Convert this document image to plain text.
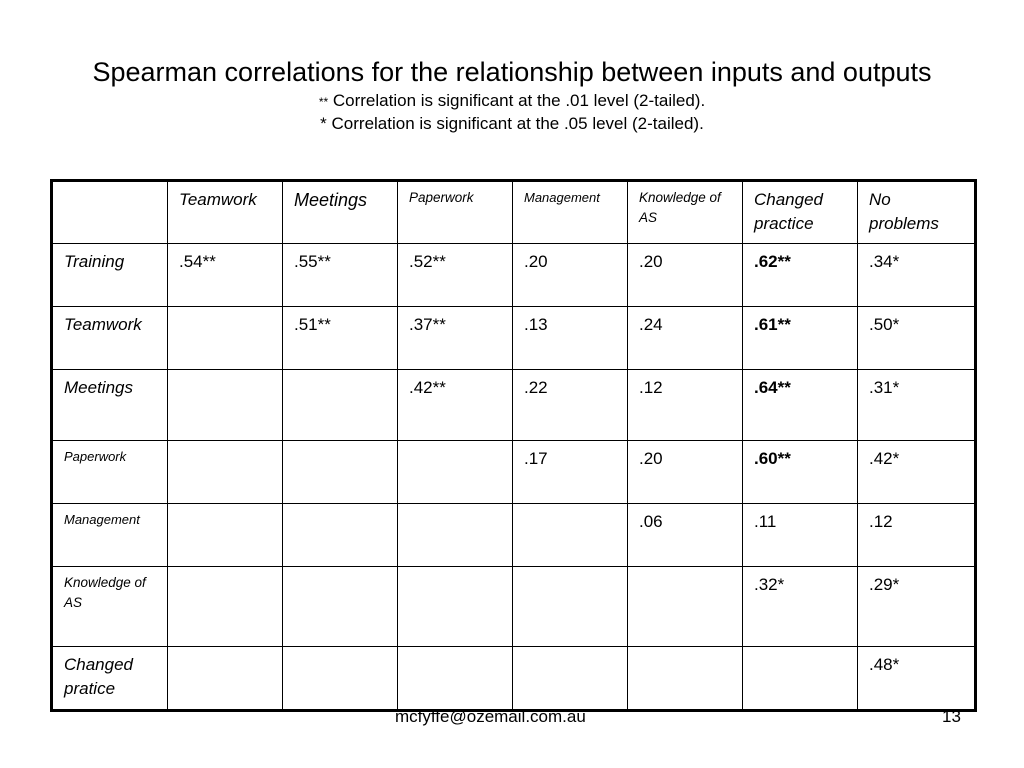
Spearman correlations for the relationship between inputs and outputs
** Correlation is significant at the .01 level (2-tailed).
* Correlation is significant at the .05 level (2-tailed).
	Teamwork	Meetings	Paperwork	Management	Knowledge of AS	Changed practice	No problems
Training	.54**	.55**	.52**	.20	.20	.62**	.34*
Teamwork		.51**	.37**	.13	.24	.61**	.50*
Meetings			.42**	.22	.12	.64**	.31*
Paperwork				.17	.20	.60**	.42*
Management					.06	.11	.12
Knowledge of AS						.32*	.29*
Changed pratice							.48*
mcfyffe@ozemail.com.au	13
